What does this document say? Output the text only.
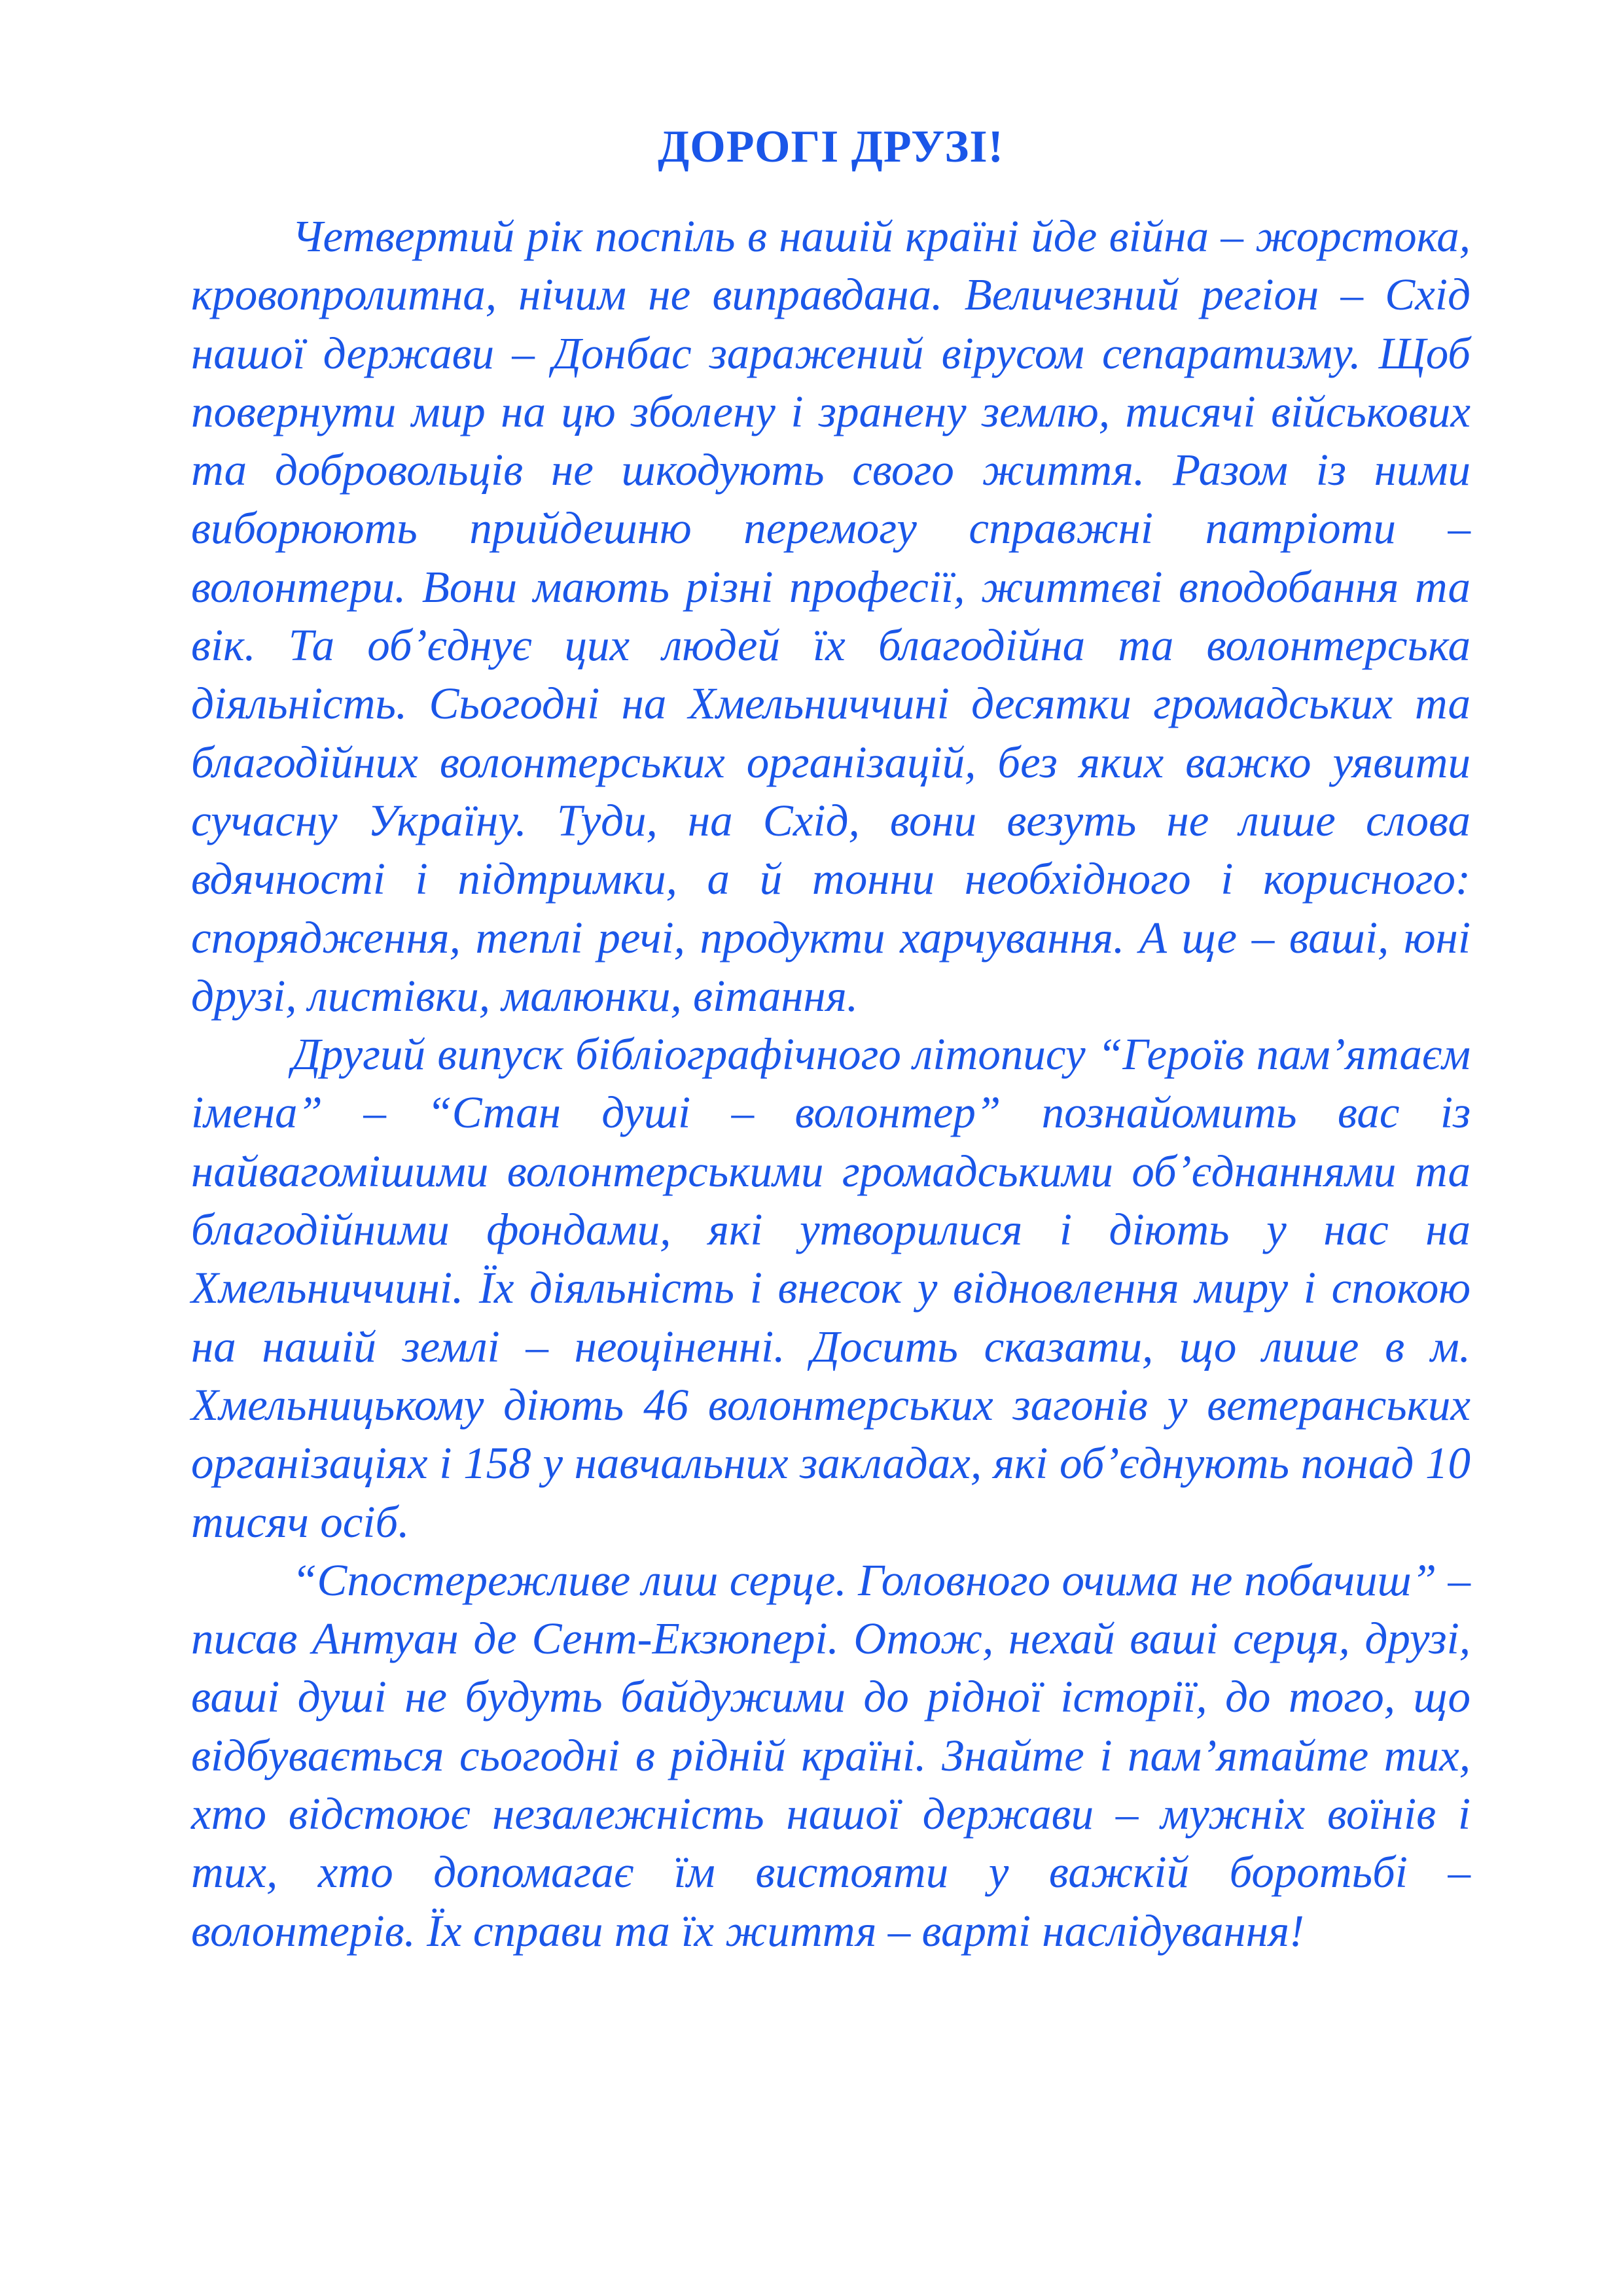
ДОРОГІ ДРУЗІ!

Четвертий рік поспіль в нашій країні йде війна – жорстока, кровопролитна, нічим не виправдана. Величезний регіон – Схід нашої держави – Донбас заражений вірусом сепаратизму. Щоб повернути мир на цю зболену і зранену землю, тисячі військових та добровольців не шкодують свого життя. Разом із ними виборюють прийдешню перемогу справжні патріоти – волонтери. Вони мають різні професії, життєві вподобання та вік. Та об’єднує цих людей їх благодійна та волонтерська діяльність. Сьогодні на Хмельниччині десятки громадських та благодійних волонтерських організацій, без яких важко уявити сучасну Україну. Туди, на Схід, вони везуть не лише слова вдячності і підтримки, а й тонни необхідного і корисного: спорядження, теплі речі, продукти харчування. А ще – ваші, юні друзі, листівки, малюнки, вітання.

Другий випуск бібліографічного літопису “Героїв пам’ятаєм імена” – “Стан душі – волонтер” познайомить вас із найвагомішими волонтерськими громадськими об’єднаннями та благодійними фондами, які утворилися і діють у нас на Хмельниччині. Їх діяльність і внесок у відновлення миру і спокою на нашій землі – неоціненні. Досить сказати, що лише в м. Хмельницькому діють 46 волонтерських загонів у ветеранських організаціях і 158 у навчальних закладах, які об’єднують понад 10 тисяч осіб.

“Спостережливе лиш серце. Головного очима не побачиш” – писав Антуан де Сент-Екзюпері. Отож, нехай ваші серця, друзі, ваші душі не будуть байдужими до рідної історії, до того, що відбувається сьогодні в рідній країні. Знайте і пам’ятайте тих, хто відстоює незалежність нашої держави – мужніх воїнів і тих, хто допомагає їм вистояти у важкій боротьбі – волонтерів. Їх справи та їх життя – варті наслідування!
